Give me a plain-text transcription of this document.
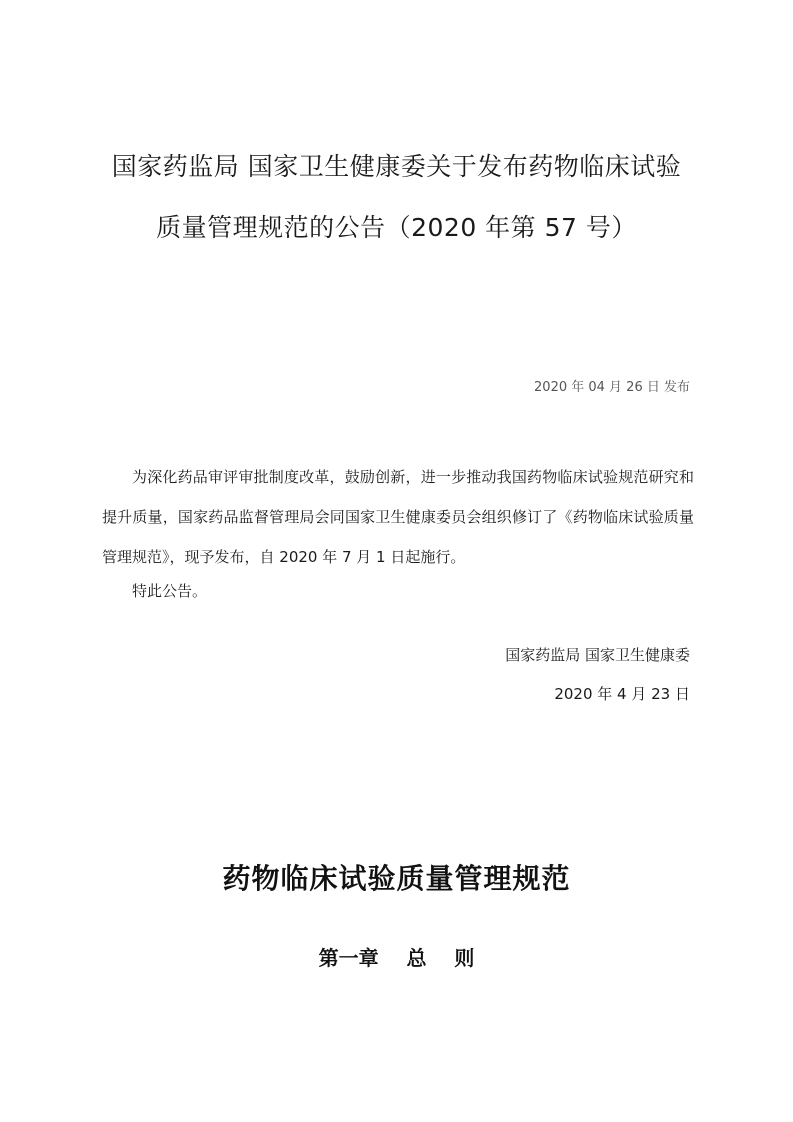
国家药监局 国家卫生健康委关于发布药物临床试验
质量管理规范的公告（2020 年第 57 号）
2020 年 04 月 26 日 发布
为深化药品审评审批制度改革，鼓励创新，进一步推动我国药物临床试验规范研究和提升质量，国家药品监督管理局会同国家卫生健康委员会组织修订了《药物临床试验质量管理规范》，现予发布，自 2020 年 7 月 1 日起施行。
特此公告。
国家药监局 国家卫生健康委
2020 年 4 月 23 日
药物临床试验质量管理规范
第一章    总    则
